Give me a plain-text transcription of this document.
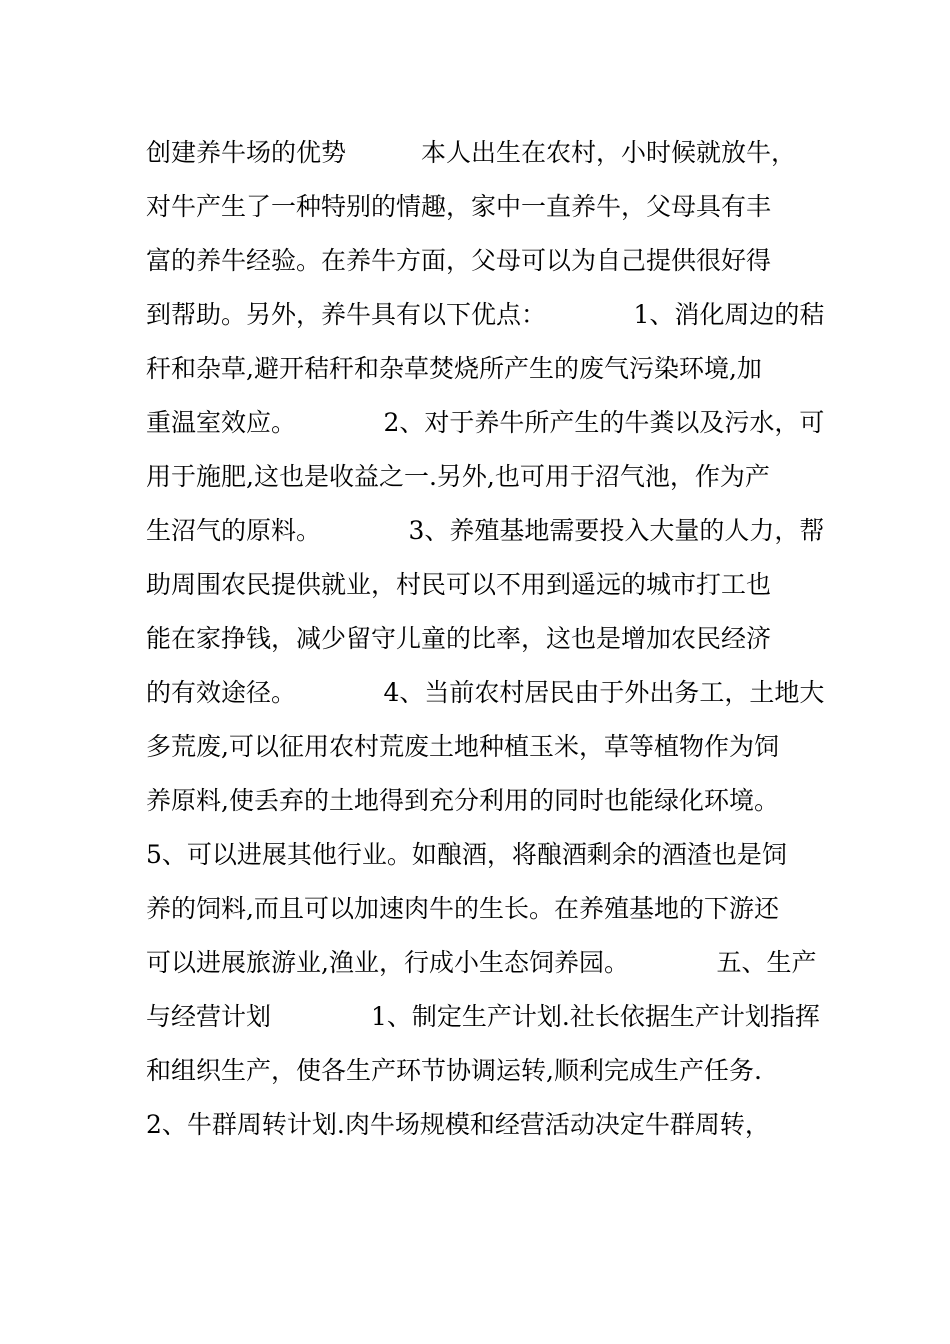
创建养牛场的优势　　　本人出生在农村，小时候就放牛，
对牛产生了一种特别的情趣，家中一直养牛，父母具有丰
富的养牛经验。在养牛方面，父母可以为自己提供很好得
到帮助。另外，养牛具有以下优点：　　　　1、消化周边的秸
秆和杂草,避开秸秆和杂草焚烧所产生的废气污染环境,加
重温室效应。　　　　2、对于养牛所产生的牛粪以及污水，可
用于施肥,这也是收益之一.另外,也可用于沼气池，作为产
生沼气的原料。　　　　3、养殖基地需要投入大量的人力，帮
助周围农民提供就业，村民可以不用到遥远的城市打工也
能在家挣钱，减少留守儿童的比率，这也是增加农民经济
的有效途径。　　　　4、当前农村居民由于外出务工，土地大
多荒废,可以征用农村荒废土地种植玉米，草等植物作为饲
养原料,使丢弃的土地得到充分利用的同时也能绿化环境。
5、可以进展其他行业。如酿酒，将酿酒剩余的酒渣也是饲
养的饲料,而且可以加速肉牛的生长。在养殖基地的下游还
可以进展旅游业,渔业，行成小生态饲养园。　　　　五、生产
与经营计划　　　　1、制定生产计划.社长依据生产计划指挥
和组织生产，使各生产环节协调运转,顺利完成生产任务.
2、牛群周转计划.肉牛场规模和经营活动决定牛群周转，
